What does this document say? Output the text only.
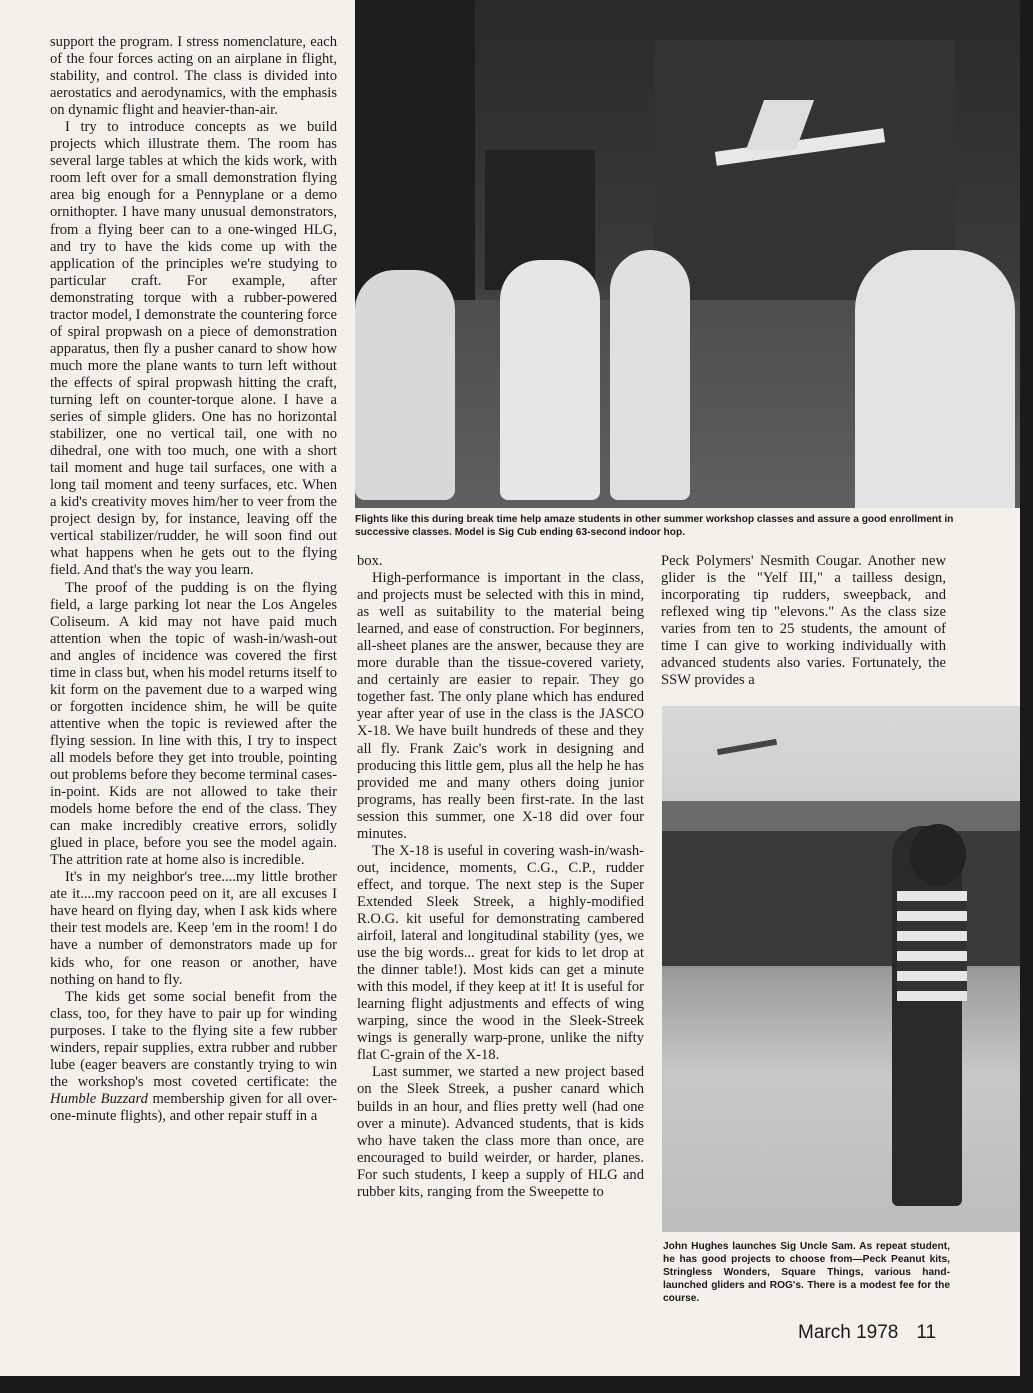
support the program. I stress nomenclature, each of the four forces acting on an airplane in flight, stability, and control. The class is divided into aerostatics and aerodynamics, with the emphasis on dynamic flight and heavier-than-air.

I try to introduce concepts as we build projects which illustrate them. The room has several large tables at which the kids work, with room left over for a small demonstration flying area big enough for a Pennyplane or a demo ornithopter. I have many unusual demonstrators, from a flying beer can to a one-winged HLG, and try to have the kids come up with the application of the principles we're studying to particular craft. For example, after demonstrating torque with a rubber-powered tractor model, I demonstrate the countering force of spiral propwash on a piece of demonstration apparatus, then fly a pusher canard to show how much more the plane wants to turn left without the effects of spiral propwash hitting the craft, turning left on counter-torque alone. I have a series of simple gliders. One has no horizontal stabilizer, one no vertical tail, one with no dihedral, one with too much, one with a short tail moment and huge tail surfaces, one with a long tail moment and teeny surfaces, etc. When a kid's creativity moves him/her to veer from the project design by, for instance, leaving off the vertical stabilizer/rudder, he will soon find out what happens when he gets out to the flying field. And that's the way you learn.

The proof of the pudding is on the flying field, a large parking lot near the Los Angeles Coliseum. A kid may not have paid much attention when the topic of wash-in/wash-out and angles of incidence was covered the first time in class but, when his model returns itself to kit form on the pavement due to a warped wing or forgotten incidence shim, he will be quite attentive when the topic is reviewed after the flying session. In line with this, I try to inspect all models before they get into trouble, pointing out problems before they become terminal cases-in-point. Kids are not allowed to take their models home before the end of the class. They can make incredibly creative errors, solidly glued in place, before you see the model again. The attrition rate at home also is incredible.

It's in my neighbor's tree....my little brother ate it....my raccoon peed on it, are all excuses I have heard on flying day, when I ask kids where their test models are. Keep 'em in the room! I do have a number of demonstrators made up for kids who, for one reason or another, have nothing on hand to fly.

The kids get some social benefit from the class, too, for they have to pair up for winding purposes. I take to the flying site a few rubber winders, repair supplies, extra rubber and rubber lube (eager beavers are constantly trying to win the workshop's most coveted certificate: the Humble Buzzard membership given for all over-one-minute flights), and other repair stuff in a

Flights like this during break time help amaze students in other summer workshop classes and assure a good enrollment in successive classes. Model is Sig Cub ending 63-second indoor hop.

box.

High-performance is important in the class, and projects must be selected with this in mind, as well as suitability to the material being learned, and ease of construction. For beginners, all-sheet planes are the answer, because they are more durable than the tissue-covered variety, and certainly are easier to repair. They go together fast. The only plane which has endured year after year of use in the class is the JASCO X-18. We have built hundreds of these and they all fly. Frank Zaic's work in designing and producing this little gem, plus all the help he has provided me and many others doing junior programs, has really been first-rate. In the last session this summer, one X-18 did over four minutes.

The X-18 is useful in covering wash-in/wash-out, incidence, moments, C.G., C.P., rudder effect, and torque. The next step is the Super Extended Sleek Streek, a highly-modified R.O.G. kit useful for demonstrating cambered airfoil, lateral and longitudinal stability (yes, we use the big words... great for kids to let drop at the dinner table!). Most kids can get a minute with this model, if they keep at it! It is useful for learning flight adjustments and effects of wing warping, since the wood in the Sleek-Streek wings is generally warp-prone, unlike the nifty flat C-grain of the X-18.

Last summer, we started a new project based on the Sleek Streek, a pusher canard which builds in an hour, and flies pretty well (had one over a minute). Advanced students, that is kids who have taken the class more than once, are encouraged to build weirder, or harder, planes. For such students, I keep a supply of HLG and rubber kits, ranging from the Sweepette to

Peck Polymers' Nesmith Cougar. Another new glider is the "Yelf III," a tailless design, incorporating tip rudders, sweepback, and reflexed wing tip "elevons." As the class size varies from ten to 25 students, the amount of time I can give to working individually with advanced students also varies. Fortunately, the SSW provides a

John Hughes launches Sig Uncle Sam. As repeat student, he has good projects to choose from—Peck Peanut kits, Stringless Wonders, Square Things, various hand-launched gliders and ROG's. There is a modest fee for the course.
March 1978 11
